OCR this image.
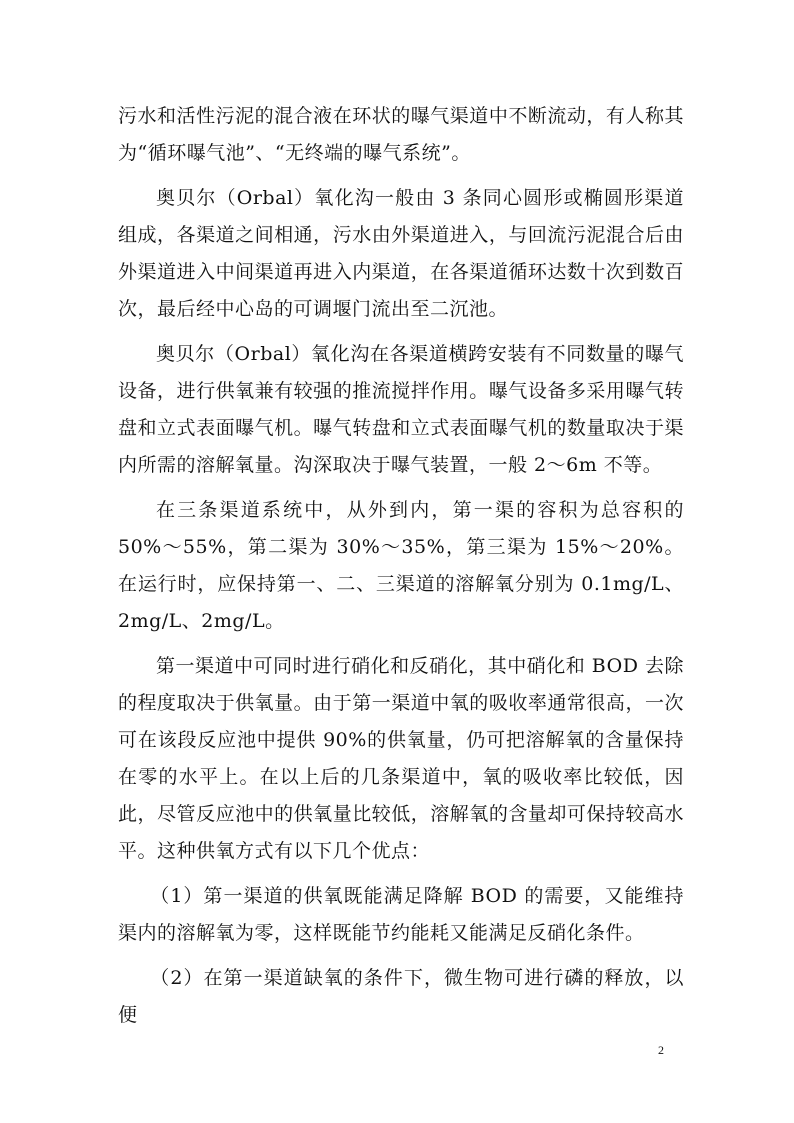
污水和活性污泥的混合液在环状的曝气渠道中不断流动，有人称其为“循环曝气池”、“无终端的曝气系统”。

奥贝尔（Orbal）氧化沟一般由 3 条同心圆形或椭圆形渠道组成，各渠道之间相通，污水由外渠道进入，与回流污泥混合后由外渠道进入中间渠道再进入内渠道，在各渠道循环达数十次到数百次，最后经中心岛的可调堰门流出至二沉池。

奥贝尔（Orbal）氧化沟在各渠道横跨安装有不同数量的曝气设备，进行供氧兼有较强的推流搅拌作用。曝气设备多采用曝气转盘和立式表面曝气机。曝气转盘和立式表面曝气机的数量取决于渠内所需的溶解氧量。沟深取决于曝气装置，一般 2～6m 不等。

在三条渠道系统中，从外到内，第一渠的容积为总容积的 50%～55%，第二渠为 30%～35%，第三渠为 15%～20%。在运行时，应保持第一、二、三渠道的溶解氧分别为 0.1mg/L、2mg/L、2mg/L。

第一渠道中可同时进行硝化和反硝化，其中硝化和 BOD 去除的程度取决于供氧量。由于第一渠道中氧的吸收率通常很高，一次可在该段反应池中提供 90%的供氧量，仍可把溶解氧的含量保持在零的水平上。在以上后的几条渠道中，氧的吸收率比较低，因此，尽管反应池中的供氧量比较低，溶解氧的含量却可保持较高水平。这种供氧方式有以下几个优点：

（1）第一渠道的供氧既能满足降解 BOD 的需要，又能维持渠内的溶解氧为零，这样既能节约能耗又能满足反硝化条件。

（2）在第一渠道缺氧的条件下，微生物可进行磷的释放，以便

2
